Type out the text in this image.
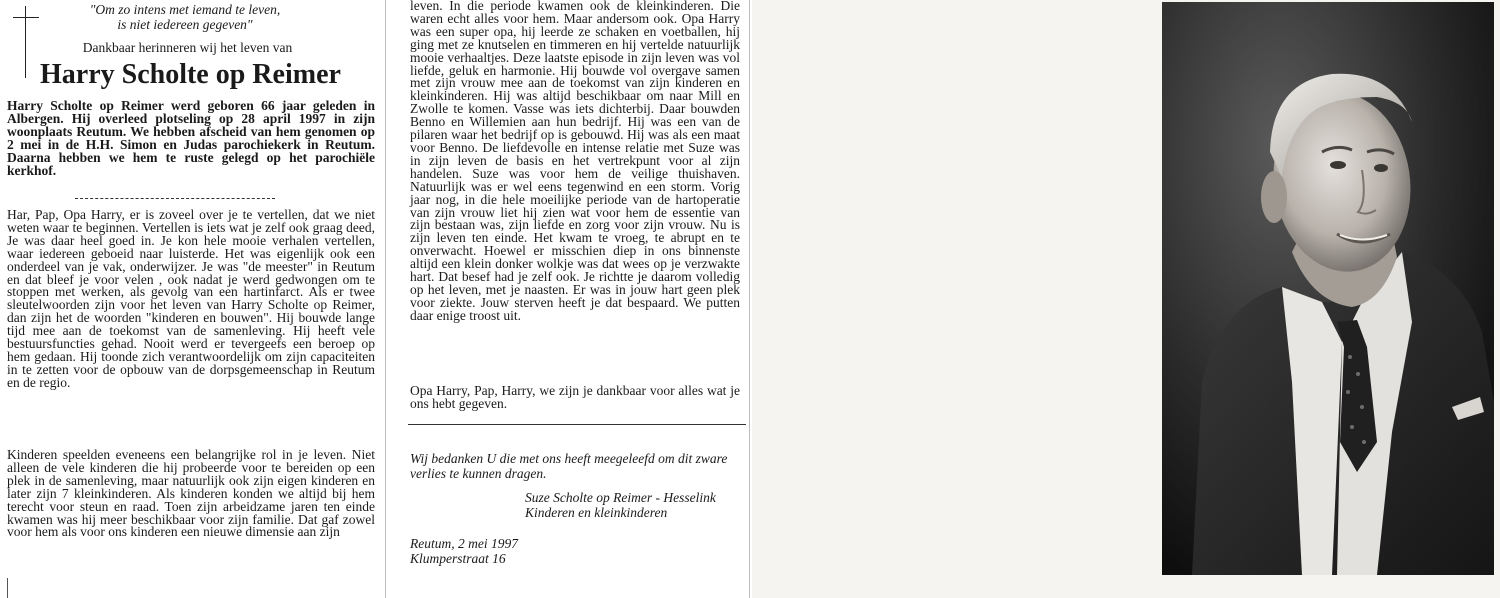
"Om zo intens met iemand te leven,
is niet iedereen gegeven"
Dankbaar herinneren wij het leven van
Harry Scholte op Reimer

Harry Scholte op Reimer werd geboren 66 jaar geleden in Albergen. Hij overleed plotseling op 28 april 1997 in zijn woonplaats Reutum. We hebben afscheid van hem genomen op 2 mei in de H.H. Simon en Judas parochiekerk in Reutum. Daarna hebben we hem te ruste gelegd op het parochiële kerkhof.

Har, Pap, Opa Harry, er is zoveel over je te vertellen, dat we niet weten waar te beginnen. Vertellen is iets wat je zelf ook graag deed, Je was daar heel goed in. Je kon hele mooie verhalen vertellen, waar iedereen geboeid naar luisterde. Het was eigenlijk ook een onderdeel van je vak, onderwijzer. Je was "de meester" in Reutum en dat bleef je voor velen , ook nadat je werd gedwongen om te stoppen met werken, als gevolg van een hartinfarct. Als er twee sleutelwoorden zijn voor het leven van Harry Scholte op Reimer, dan zijn het de woorden "kinderen en bouwen". Hij bouwde lange tijd mee aan de toekomst van de samenleving. Hij heeft vele bestuursfuncties gehad. Nooit werd er tevergeefs een beroep op hem gedaan. Hij toonde zich verantwoordelijk om zijn capaciteiten in te zetten voor de opbouw van de dorpsgemeenschap in Reutum en de regio.

Kinderen speelden eveneens een belangrijke rol in je leven. Niet alleen de vele kinderen die hij probeerde voor te bereiden op een plek in de samenleving, maar natuurlijk ook zijn eigen kinderen en later zijn 7 kleinkinderen. Als kinderen konden we altijd bij hem terecht voor steun en raad. Toen zijn arbeidzame jaren ten einde kwamen was hij meer beschikbaar voor zijn familie. Dat gaf zowel voor hem als voor ons kinderen een nieuwe dimensie aan zijn

leven. In die periode kwamen ook de kleinkinderen. Die waren echt alles voor hem. Maar andersom ook. Opa Harry was een super opa, hij leerde ze schaken en voetballen, hij ging met ze knutselen en timmeren en hij vertelde natuurlijk mooie verhaaltjes. Deze laatste episode in zijn leven was vol liefde, geluk en harmonie. Hij bouwde vol overgave samen met zijn vrouw mee aan de toekomst van zijn kinderen en kleinkinderen. Hij was altijd beschikbaar om naar Mill en Zwolle te komen. Vasse was iets dichterbij. Daar bouwden Benno en Willemien aan hun bedrijf. Hij was een van de pilaren waar het bedrijf op is gebouwd. Hij was als een maat voor Benno. De liefdevolle en intense relatie met Suze was in zijn leven de basis en het vertrekpunt voor al zijn handelen. Suze was voor hem de veilige thuishaven. Natuurlijk was er wel eens tegenwind en een storm. Vorig jaar nog, in die hele moeilijke periode van de hartoperatie van zijn vrouw liet hij zien wat voor hem de essentie van zijn bestaan was, zijn liefde en zorg voor zijn vrouw. Nu is zijn leven ten einde. Het kwam te vroeg, te abrupt en te onverwacht. Hoewel er misschien diep in ons binnenste altijd een klein donker wolkje was dat wees op je verzwakte hart. Dat besef had je zelf ook. Je richtte je daarom volledig op het leven, met je naasten. Er was in jouw hart geen plek voor ziekte. Jouw sterven heeft je dat bespaard. We putten daar enige troost uit.

Opa Harry, Pap, Harry, we zijn je dankbaar voor alles wat je ons hebt gegeven.

Wij bedanken U die met ons heeft meegeleefd om dit zware verlies te kunnen dragen.

Suze Scholte op Reimer - Hesselink
Kinderen en kleinkinderen
Reutum, 2 mei 1997
Klumperstraat 16
